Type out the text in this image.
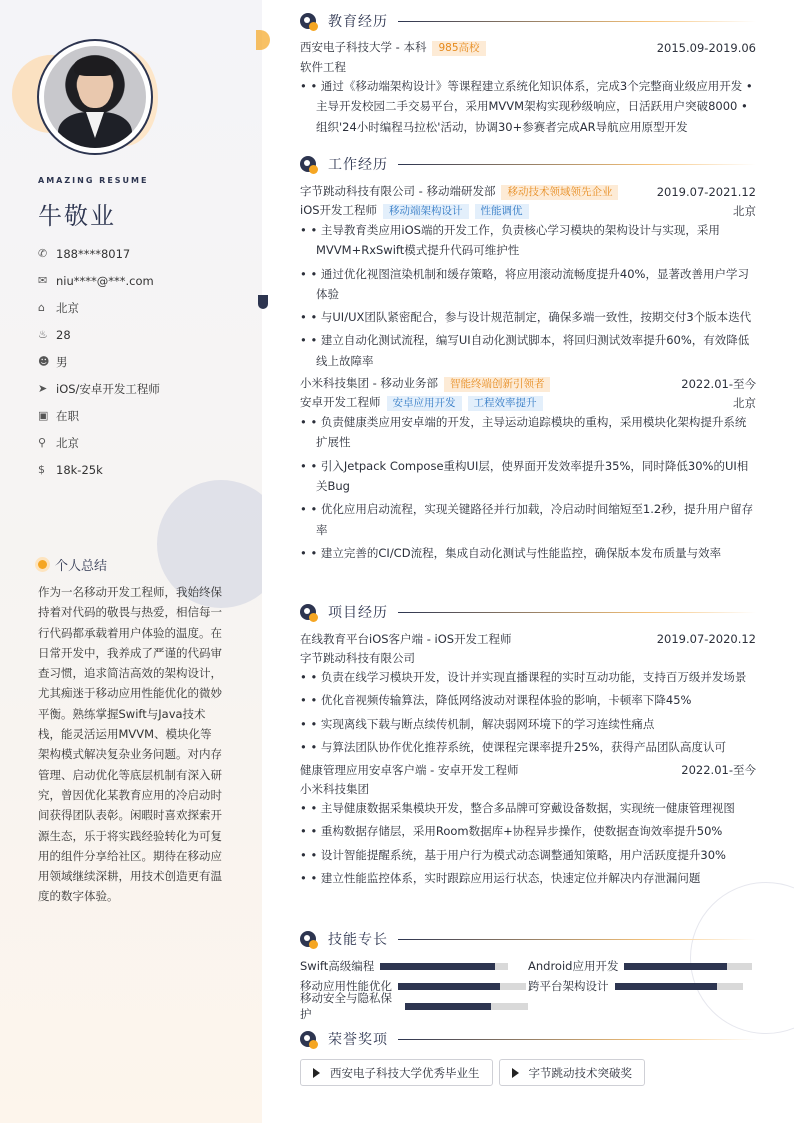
AMAZING RESUME
牛敬业
✆ 188****8017
✉ niu****@***.com
⌂ 北京
♨ 28
☻ 男
➤ iOS/安卓开发工程师
▣ 在职
⚲ 北京
$ 18k-25k
个人总结
作为一名移动开发工程师，我始终保持着对代码的敬畏与热爱，相信每一行代码都承载着用户体验的温度。在日常开发中，我养成了严谨的代码审查习惯，追求简洁高效的架构设计，尤其痴迷于移动应用性能优化的微妙平衡。熟练掌握Swift与Java技术栈，能灵活运用MVVM、模块化等架构模式解决复杂业务问题。对内存管理、启动优化等底层机制有深入研究，曾因优化某教育应用的冷启动时间获得团队表彰。闲暇时喜欢探索开源生态，乐于将实践经验转化为可复用的组件分享给社区。期待在移动应用领域继续深耕，用技术创造更有温度的数字体验。
教育经历
西安电子科技大学 - 本科 985高校	2015.09-2019.06
软件工程
• • 通过《移动端架构设计》等课程建立系统化知识体系，完成3个完整商业级应用开发 • 主导开发校园二手交易平台，采用MVVM架构实现秒级响应，日活跃用户突破8000 • 组织'24小时编程马拉松'活动，协调30+参赛者完成AR导航应用原型开发
工作经历
字节跳动科技有限公司 - 移动端研发部 移动技术领域领先企业	2019.07-2021.12
iOS开发工程师 移动端架构设计 性能调优	北京
• • 主导教育类应用iOS端的开发工作，负责核心学习模块的架构设计与实现，采用MVVM+RxSwift模式提升代码可维护性
• • 通过优化视图渲染机制和缓存策略，将应用滚动流畅度提升40%，显著改善用户学习体验
• • 与UI/UX团队紧密配合，参与设计规范制定，确保多端一致性，按期交付3个版本迭代
• • 建立自动化测试流程，编写UI自动化测试脚本，将回归测试效率提升60%，有效降低线上故障率
小米科技集团 - 移动业务部 智能终端创新引领者	2022.01-至今
安卓开发工程师 安卓应用开发 工程效率提升	北京
• • 负责健康类应用安卓端的开发，主导运动追踪模块的重构，采用模块化架构提升系统扩展性
• • 引入Jetpack Compose重构UI层，使界面开发效率提升35%，同时降低30%的UI相关Bug
• • 优化应用启动流程，实现关键路径并行加载，冷启动时间缩短至1.2秒，提升用户留存率
• • 建立完善的CI/CD流程，集成自动化测试与性能监控，确保版本发布质量与效率
项目经历
在线教育平台iOS客户端 - iOS开发工程师	2019.07-2020.12
字节跳动科技有限公司
• • 负责在线学习模块开发，设计并实现直播课程的实时互动功能，支持百万级并发场景
• • 优化音视频传输算法，降低网络波动对课程体验的影响，卡顿率下降45%
• • 实现离线下载与断点续传机制，解决弱网环境下的学习连续性痛点
• • 与算法团队协作优化推荐系统，使课程完课率提升25%，获得产品团队高度认可
健康管理应用安卓客户端 - 安卓开发工程师	2022.01-至今
小米科技集团
• • 主导健康数据采集模块开发，整合多品牌可穿戴设备数据，实现统一健康管理视图
• • 重构数据存储层，采用Room数据库+协程异步操作，使数据查询效率提升50%
• • 设计智能提醒系统，基于用户行为模式动态调整通知策略，用户活跃度提升30%
• • 建立性能监控体系，实时跟踪应用运行状态，快速定位并解决内存泄漏问题
技能专长
Swift高级编程	Android应用开发
移动应用性能优化	跨平台架构设计
移动安全与隐私保护
荣誉奖项
西安电子科技大学优秀毕业生	字节跳动技术突破奖
